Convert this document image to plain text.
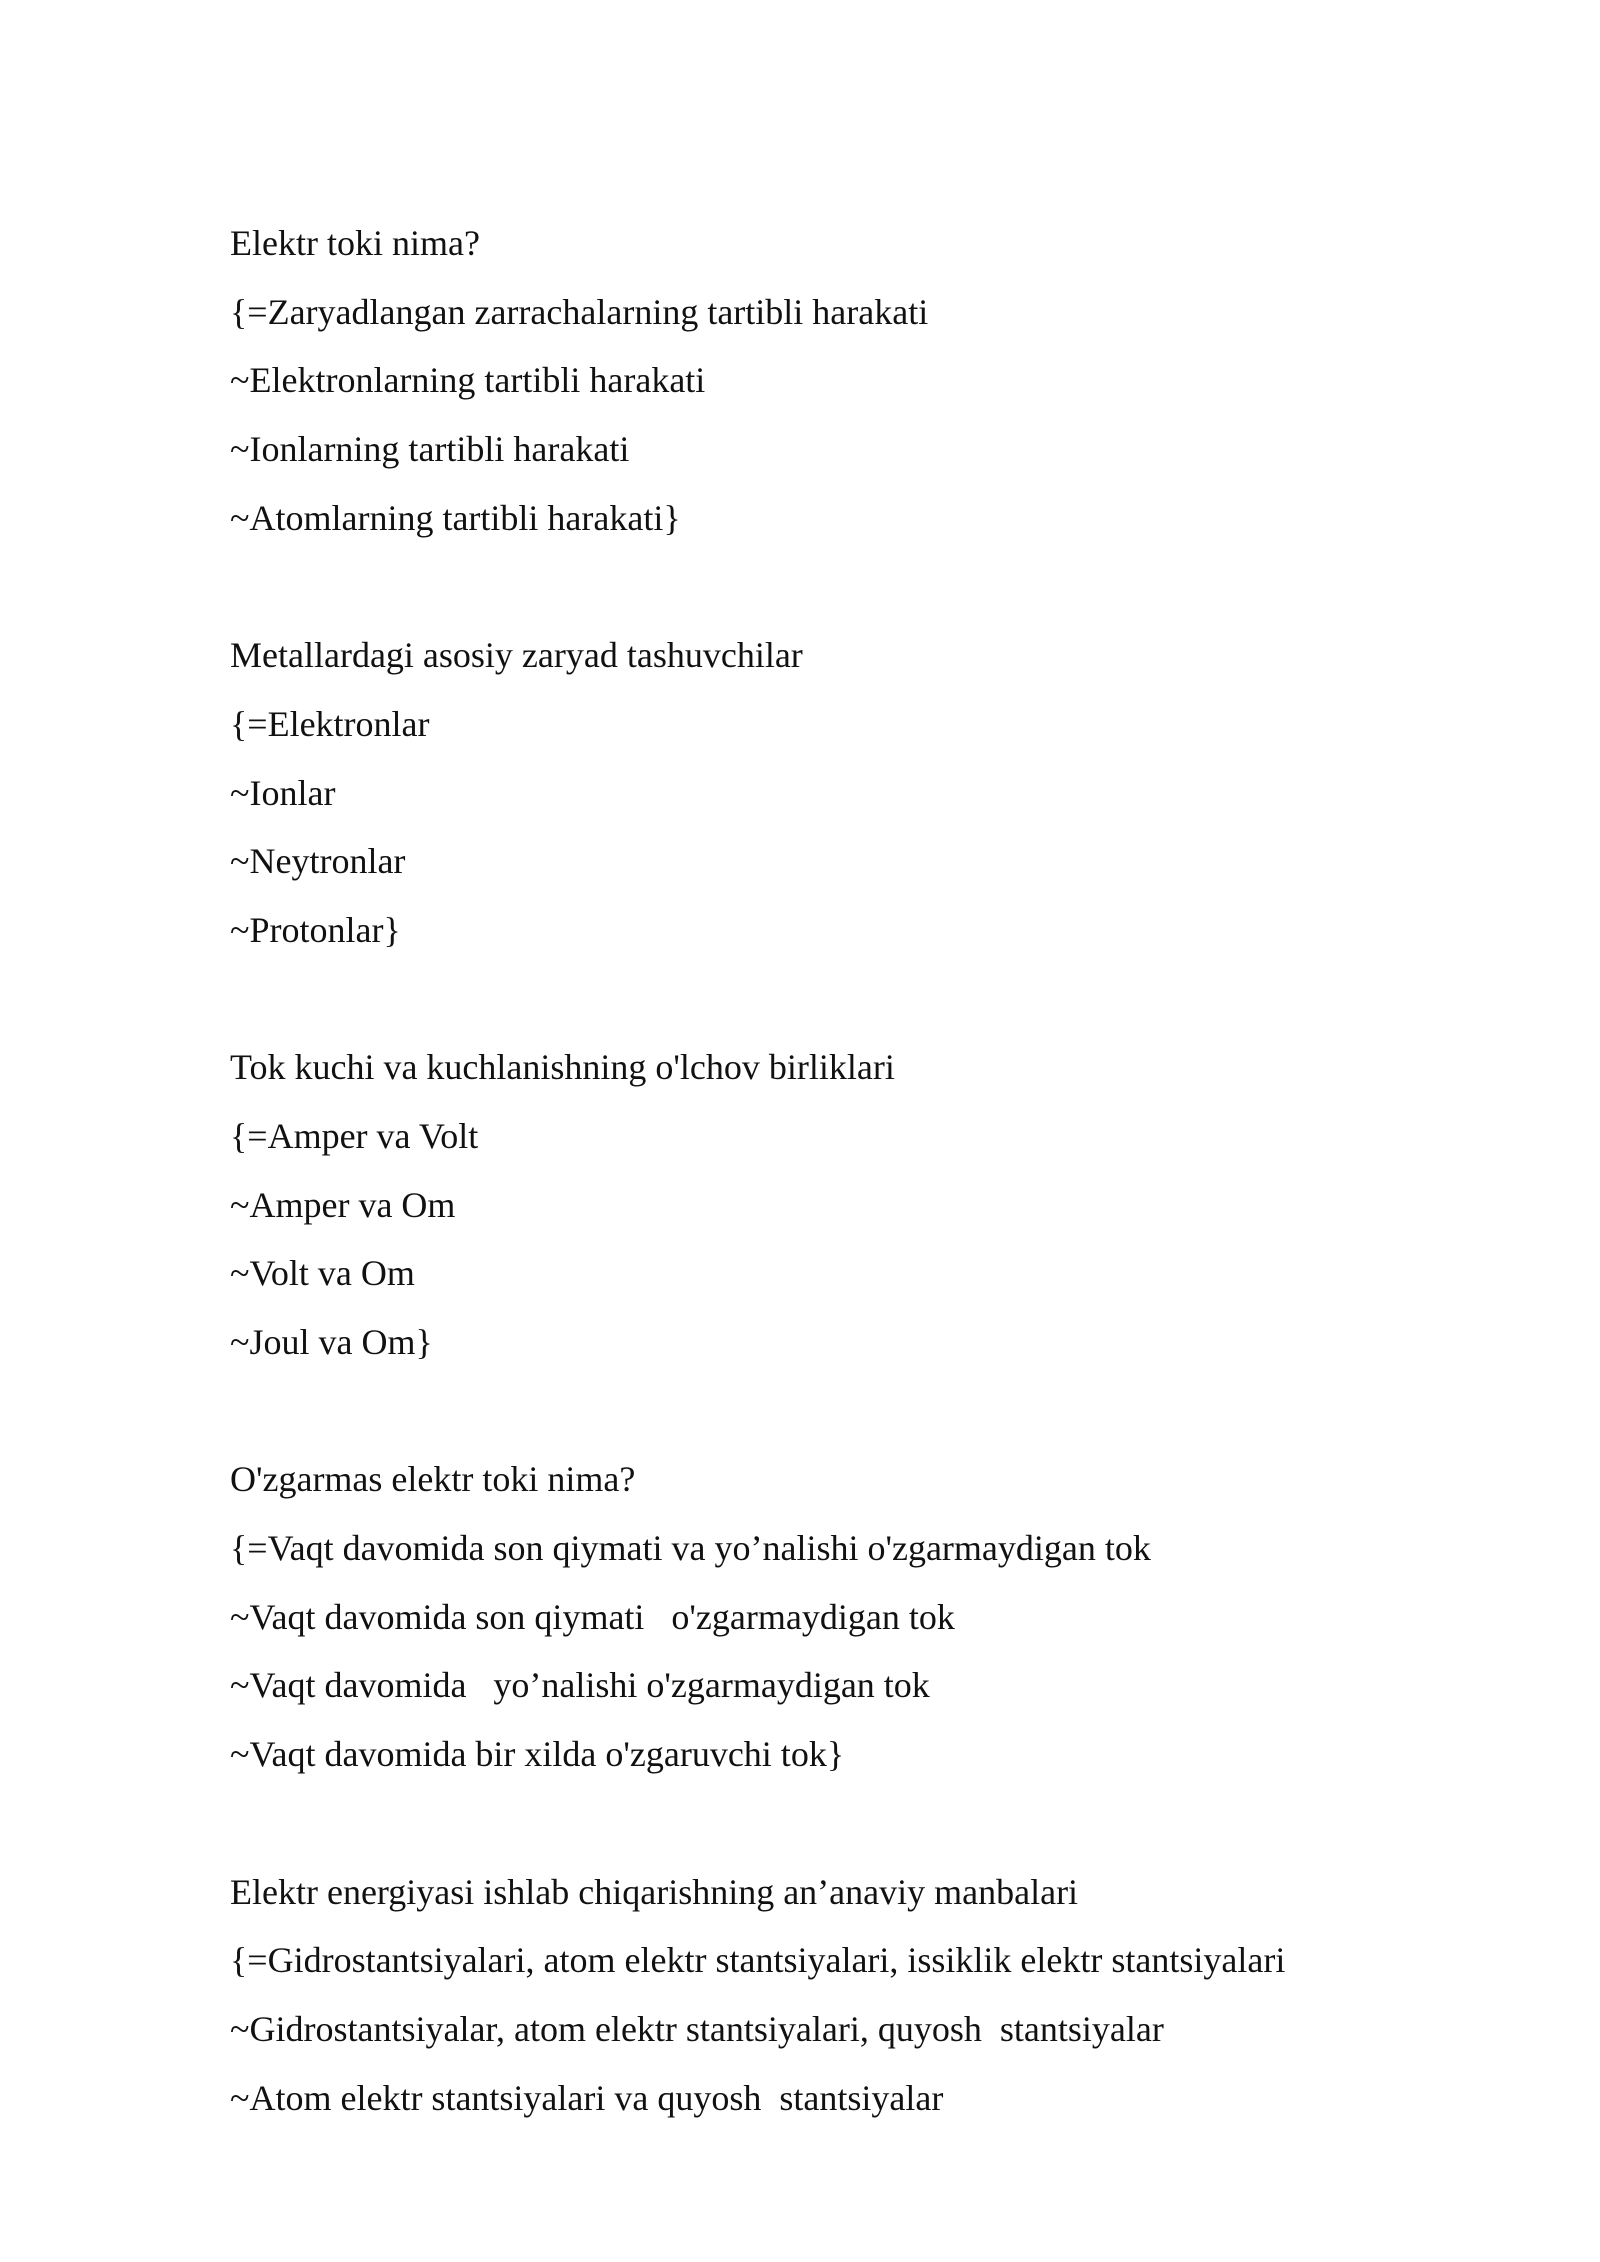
Elektr toki nima?
{=Zaryadlangan zarrachalarning tartibli harakati
~Elektronlarning tartibli harakati
~Ionlarning tartibli harakati
~Atomlarning tartibli harakati}
Metallardagi asosiy zaryad tashuvchilar
{=Elektronlar
~Ionlar
~Neytronlar
~Protonlar}
Tok kuchi va kuchlanishning o'lchov birliklari
{=Amper va Volt
~Amper va Om
~Volt va Om
~Joul va Om}
O'zgarmas elektr toki nima?
{=Vaqt davomida son qiymati va yo’nalishi o'zgarmaydigan tok
~Vaqt davomida son qiymati   o'zgarmaydigan tok
~Vaqt davomida   yo’nalishi o'zgarmaydigan tok
~Vaqt davomida bir xilda o'zgaruvchi tok}
Elektr energiyasi ishlab chiqarishning an’anaviy manbalari
{=Gidrostantsiyalari, atom elektr stantsiyalari, issiklik elektr stantsiyalari
~Gidrostantsiyalar, atom elektr stantsiyalari, quyosh  stantsiyalar
~Atom elektr stantsiyalari va quyosh  stantsiyalar
